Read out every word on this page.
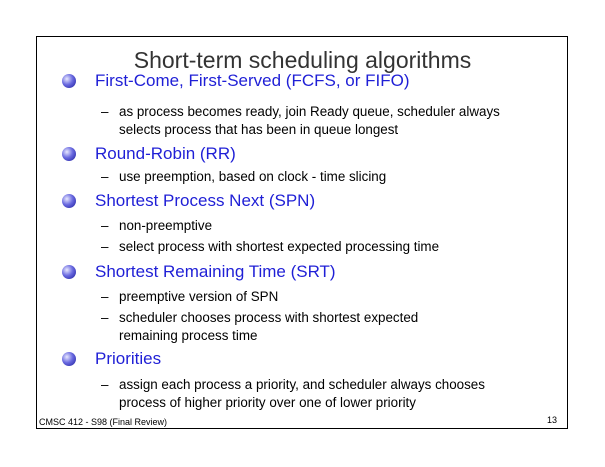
Short-term scheduling algorithms
First-Come, First-Served (FCFS, or FIFO)
– as process becomes ready, join Ready queue, scheduler always selects process that has been in queue longest
Round-Robin (RR)
– use preemption, based on clock - time slicing
Shortest Process Next (SPN)
– non-preemptive
– select process with shortest expected processing time
Shortest Remaining Time (SRT)
– preemptive version of SPN
– scheduler chooses process with shortest expected remaining process time
Priorities
– assign each process a priority, and scheduler always chooses process of higher priority over one of lower priority
CMSC 412 - S98 (Final Review)	13
